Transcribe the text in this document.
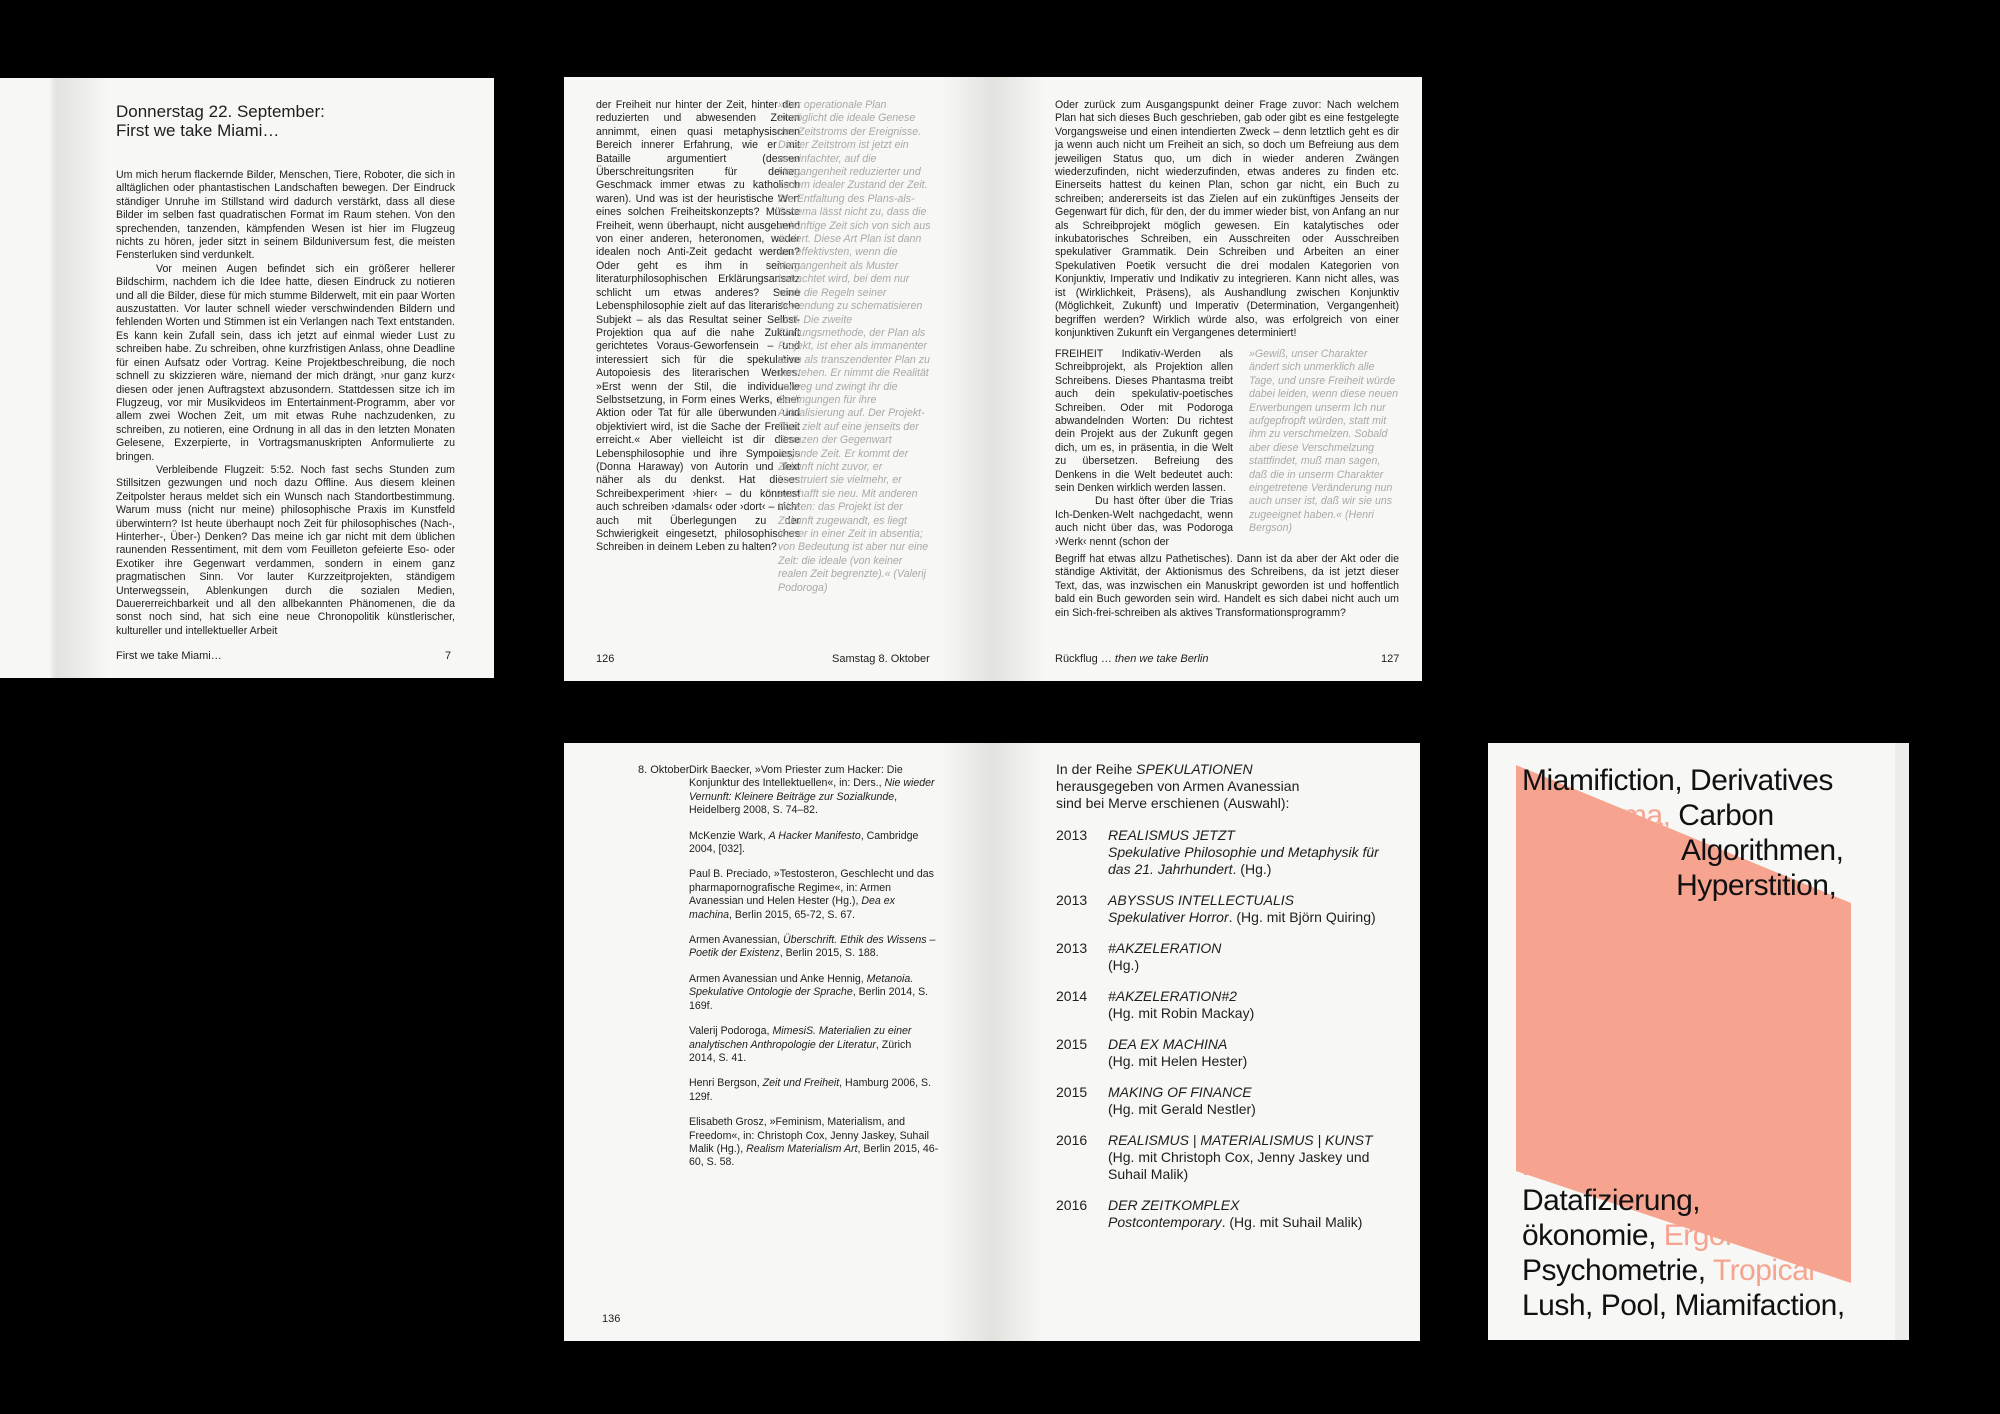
Donnerstag 22. September:
First we take Miami…

Um mich herum flackernde Bilder, Menschen, Tiere, Roboter, die sich in alltäglichen oder phantastischen Landschaften bewegen. Der Eindruck ständiger Unruhe im Stillstand wird dadurch verstärkt, dass all diese Bilder im selben fast quadratischen Format im Raum stehen. Von den sprechenden, tanzenden, kämpfenden Wesen ist hier im Flugzeug nichts zu hören, jeder sitzt in seinem Bilduniversum fest, die meisten Fensterluken sind verdunkelt.

Vor meinen Augen befindet sich ein größerer hellerer Bildschirm, nachdem ich die Idee hatte, diesen Eindruck zu notieren und all die Bilder, diese für mich stumme Bilderwelt, mit ein paar Worten auszustatten. Vor lauter schnell wieder verschwindenden Bildern und fehlenden Worten und Stimmen ist ein Verlangen nach Text entstanden. Es kann kein Zufall sein, dass ich jetzt auf einmal wieder Lust zu schreiben habe. Zu schreiben, ohne kurzfristigen Anlass, ohne Deadline für einen Aufsatz oder Vortrag. Keine Projektbeschreibung, die noch schnell zu skizzieren wäre, niemand der mich drängt, ›nur ganz kurz‹ diesen oder jenen Auftragstext abzusondern. Stattdessen sitze ich im Flugzeug, vor mir Musikvideos im Entertainment-Programm, aber vor allem zwei Wochen Zeit, um mit etwas Ruhe nachzudenken, zu schreiben, zu notieren, eine Ordnung in all das in den letzten Monaten Gelesene, Exzerpierte, in Vortragsmanuskripten Anformulierte zu bringen.

Verbleibende Flugzeit: 5:52. Noch fast sechs Stunden zum Stillsitzen gezwungen und noch dazu Offline. Aus diesem kleinen Zeitpolster heraus meldet sich ein Wunsch nach Standortbestimmung. Warum muss (nicht nur meine) philosophische Praxis im Kunstfeld überwintern? Ist heute überhaupt noch Zeit für philosophisches (Nach-, Hinterher-, Über-) Denken? Das meine ich gar nicht mit dem üblichen raunenden Ressentiment, mit dem vom Feuilleton gefeierte Eso- oder Exotiker ihre Gegenwart verdammen, sondern in einem ganz pragmatischen Sinn. Vor lauter Kurzzeitprojekten, ständigem Unterwegssein, Ablenkungen durch die sozialen Medien, Dauererreichbarkeit und all den allbekannten Phänomenen, die da sonst noch sind, hat sich eine neue Chronopolitik künstlerischer, kultureller und intellektueller Arbeit

First we take Miami…	7
der Freiheit nur hinter der Zeit, hinter den reduzierten und abwesenden Zeiten annimmt, einen quasi metaphysischen Bereich innerer Erfahrung, wie er mit Bataille argumentiert (dessen Überschreitungsriten für deinen Geschmack immer etwas zu katholisch waren). Und was ist der heuristische Wert eines solchen Freiheitskonzepts? Müsste Freiheit, wenn überhaupt, nicht ausgehend von einer anderen, heteronomen, weder idealen noch Anti-Zeit gedacht werden? Oder geht es ihm in seinem literaturphilosophischen Erklärungsansatz schlicht um etwas anderes? Seine Lebensphilosophie zielt auf das literarische Subjekt – als das Resultat seiner Selbst-Projektion qua auf die nahe Zukunft gerichtetes Voraus-Geworfensein – und interessiert sich für die spekulative Autopoiesis des literarischen Werkes. »Erst wenn der Stil, die individuelle Selbstsetzung, in Form eines Werks, einer Aktion oder Tat für alle überwunden und objektiviert wird, ist die Sache der Freiheit erreicht.« Aber vielleicht ist dir diese Lebensphilosophie und ihre Sympoiesis (Donna Haraway) von Autorin und Text näher als du denkst. Hat dieses Schreibexperiment ›hier‹ – du könntest auch schreiben ›damals‹ oder ›dort‹ – nicht auch mit Überlegungen zu der Schwierigkeit eingesetzt, philosophisches Schreiben in deinem Leben zu halten?
»Der operationale Plan ermöglicht die ideale Genese des Zeitstroms der Ereignisse. Dieser Zeitstrom ist jetzt ein vereinfachter, auf die Vergangenheit reduzierter und zudem idealer Zustand der Zeit. Die Entfaltung des Plans-als-Schema lässt nicht zu, dass die zukünftige Zeit sich von sich aus ändert. Diese Art Plan ist dann am effektivsten, wenn die Vergangenheit als Muster betrachtet wird, bei dem nur noch die Regeln seiner Anwendung zu schematisieren sind. Die zweite Planungsmethode, der Plan als Projekt, ist eher als immanenter denn als transzendenter Plan zu verstehen. Er nimmt die Realität vorweg und zwingt ihr die Bedingungen für ihre Aktualisierung auf. Der Projekt-Plan zielt auf eine jenseits der Grenzen der Gegenwart liegende Zeit. Er kommt der Zukunft nicht zuvor, er konstruiert sie vielmehr, er erschafft sie neu. Mit anderen Worten: das Projekt ist der Zukunft zugewandt, es liegt immer in einer Zeit in absentia; von Bedeutung ist aber nur eine Zeit: die ideale (von keiner realen Zeit begrenzte).« (Valerij Podoroga)
126	Samstag 8. Oktober
Oder zurück zum Ausgangspunkt deiner Frage zuvor: Nach welchem Plan hat sich dieses Buch geschrieben, gab oder gibt es eine festgelegte Vorgangsweise und einen intendierten Zweck – denn letztlich geht es dir ja wenn auch nicht um Freiheit an sich, so doch um Befreiung aus dem jeweiligen Status quo, um dich in wieder anderen Zwängen wiederzufinden, nicht wiederzufinden, etwas anderes zu finden etc. Einerseits hattest du keinen Plan, schon gar nicht, ein Buch zu schreiben; andererseits ist das Zielen auf ein zukünftiges Jenseits der Gegenwart für dich, für den, der du immer wieder bist, von Anfang an nur als Schreibprojekt möglich gewesen. Ein katalytisches oder inkubatorisches Schreiben, ein Ausschreiten oder Ausschreiben spekulativer Grammatik. Dein Schreiben und Arbeiten an einer Spekulativen Poetik versucht die drei modalen Kategorien von Konjunktiv, Imperativ und Indikativ zu integrieren. Kann nicht alles, was ist (Wirklichkeit, Präsens), als Aushandlung zwischen Konjunktiv (Möglichkeit, Zukunft) und Imperativ (Determination, Vergangenheit) begriffen werden? Wirklich würde also, was erfolgreich von einer konjunktiven Zukunft ein Vergangenes determiniert!

FREIHEIT Indikativ-Werden als Schreibprojekt, als Projektion allen Schreibens. Dieses Phantasma treibt auch dein spekulativ-poetisches Schreiben. Oder mit Podoroga abwandelnden Worten: Du richtest dein Projekt aus der Zukunft gegen dich, um es, in präsentia, in die Welt zu übersetzen. Befreiung des Denkens in die Welt bedeutet auch: sein Denken wirklich werden lassen.

Du hast öfter über die Trias Ich-Denken-Welt nachgedacht, wenn auch nicht über das, was Podoroga ›Werk‹ nennt (schon der

»Gewiß, unser Charakter ändert sich unmerklich alle Tage, und unsre Freiheit würde dabei leiden, wenn diese neuen Erwerbungen unserm Ich nur aufgepfropft würden, statt mit ihm zu verschmelzen. Sobald aber diese Verschmelzung stattfindet, muß man sagen, daß die in unserm Charakter eingetretene Veränderung nun auch unser ist, daß wir sie uns zugeeignet haben.« (Henri Bergson)
Begriff hat etwas allzu Pathetisches). Dann ist da aber der Akt oder die ständige Aktivität, der Aktionismus des Schreibens, da ist jetzt dieser Text, das, was inzwischen ein Manuskript geworden ist und hoffentlich bald ein Buch geworden sein wird. Handelt es sich dabei nicht auch um ein Sich-frei-schreiben als aktives Transformationsprogramm?
Rückflug … then we take Berlin	127
8. Oktober Dirk Baecker, »Vom Priester zum Hacker: Die Konjunktur des Intellektuellen«, in: Ders., Nie wieder Vernunft: Kleinere Beiträge zur Sozialkunde, Heidelberg 2008, S. 74–82.

McKenzie Wark, A Hacker Manifesto, Cambridge 2004, [032].

Paul B. Preciado, »Testosteron, Geschlecht und das pharmapornografische Regime«, in: Armen Avanessian und Helen Hester (Hg.), Dea ex machina, Berlin 2015, 65-72, S. 67.

Armen Avanessian, Überschrift. Ethik des Wissens – Poetik der Existenz, Berlin 2015, S. 188.

Armen Avanessian und Anke Hennig, Metanoia. Spekulative Ontologie der Sprache, Berlin 2014, S. 169f.

Valerij Podoroga, MimesiS. Materialien zu einer analytischen Anthropologie der Literatur, Zürich 2014, S. 41.

Henri Bergson, Zeit und Freiheit, Hamburg 2006, S. 129f.

Elisabeth Grosz, »Feminism, Materialism, and Freedom«, in: Christoph Cox, Jenny Jaskey, Suhail Malik (Hg.), Realism Materialism Art, Berlin 2015, 46-60, S. 58.

136
In der Reihe SPEKULATIONEN
herausgegeben von Armen Avanessian
sind bei Merve erschienen (Auswahl):
2013	REALISMUS JETZT
Spekulative Philosophie und Metaphysik für das 21. Jahrhundert. (Hg.)
2013	ABYSSUS INTELLECTUALIS
Spekulativer Horror. (Hg. mit Björn Quiring)
2013	#AKZELERATION
(Hg.)
2014	#AKZELERATION#2
(Hg. mit Robin Mackay)
2015	DEA EX MACHINA
(Hg. mit Helen Hester)
2015	MAKING OF FINANCE
(Hg. mit Gerald Nestler)
2016	REALISMUS | MATERIALISMUS | KUNST
(Hg. mit Christoph Cox, Jenny Jaskey und Suhail Malik)
2016	DER ZEITKOMPLEX
Postcontemporary. (Hg. mit Suhail Malik)
Miamifiction, Derivatives
Paradigma, Carbon
Democracy, Algorithmen,
Non-Arbeit, Hyperstition,
Poiesis, Gentrifizierung,
Präsenzwahn, Jetzt-Lag,
»Wo Es schon ist,
wird Ich gewesen sein.«
(Disco Deixis), Déjà-vu,
Du musst deine Blutwerte
ändern, Miamifizierung,
iPhone, Datafiktionen,
Datafizierung, Schatten-
ökonomie, Ergontologie,
Psychometrie, Tropical
Lush, Pool, Miamifaction,
